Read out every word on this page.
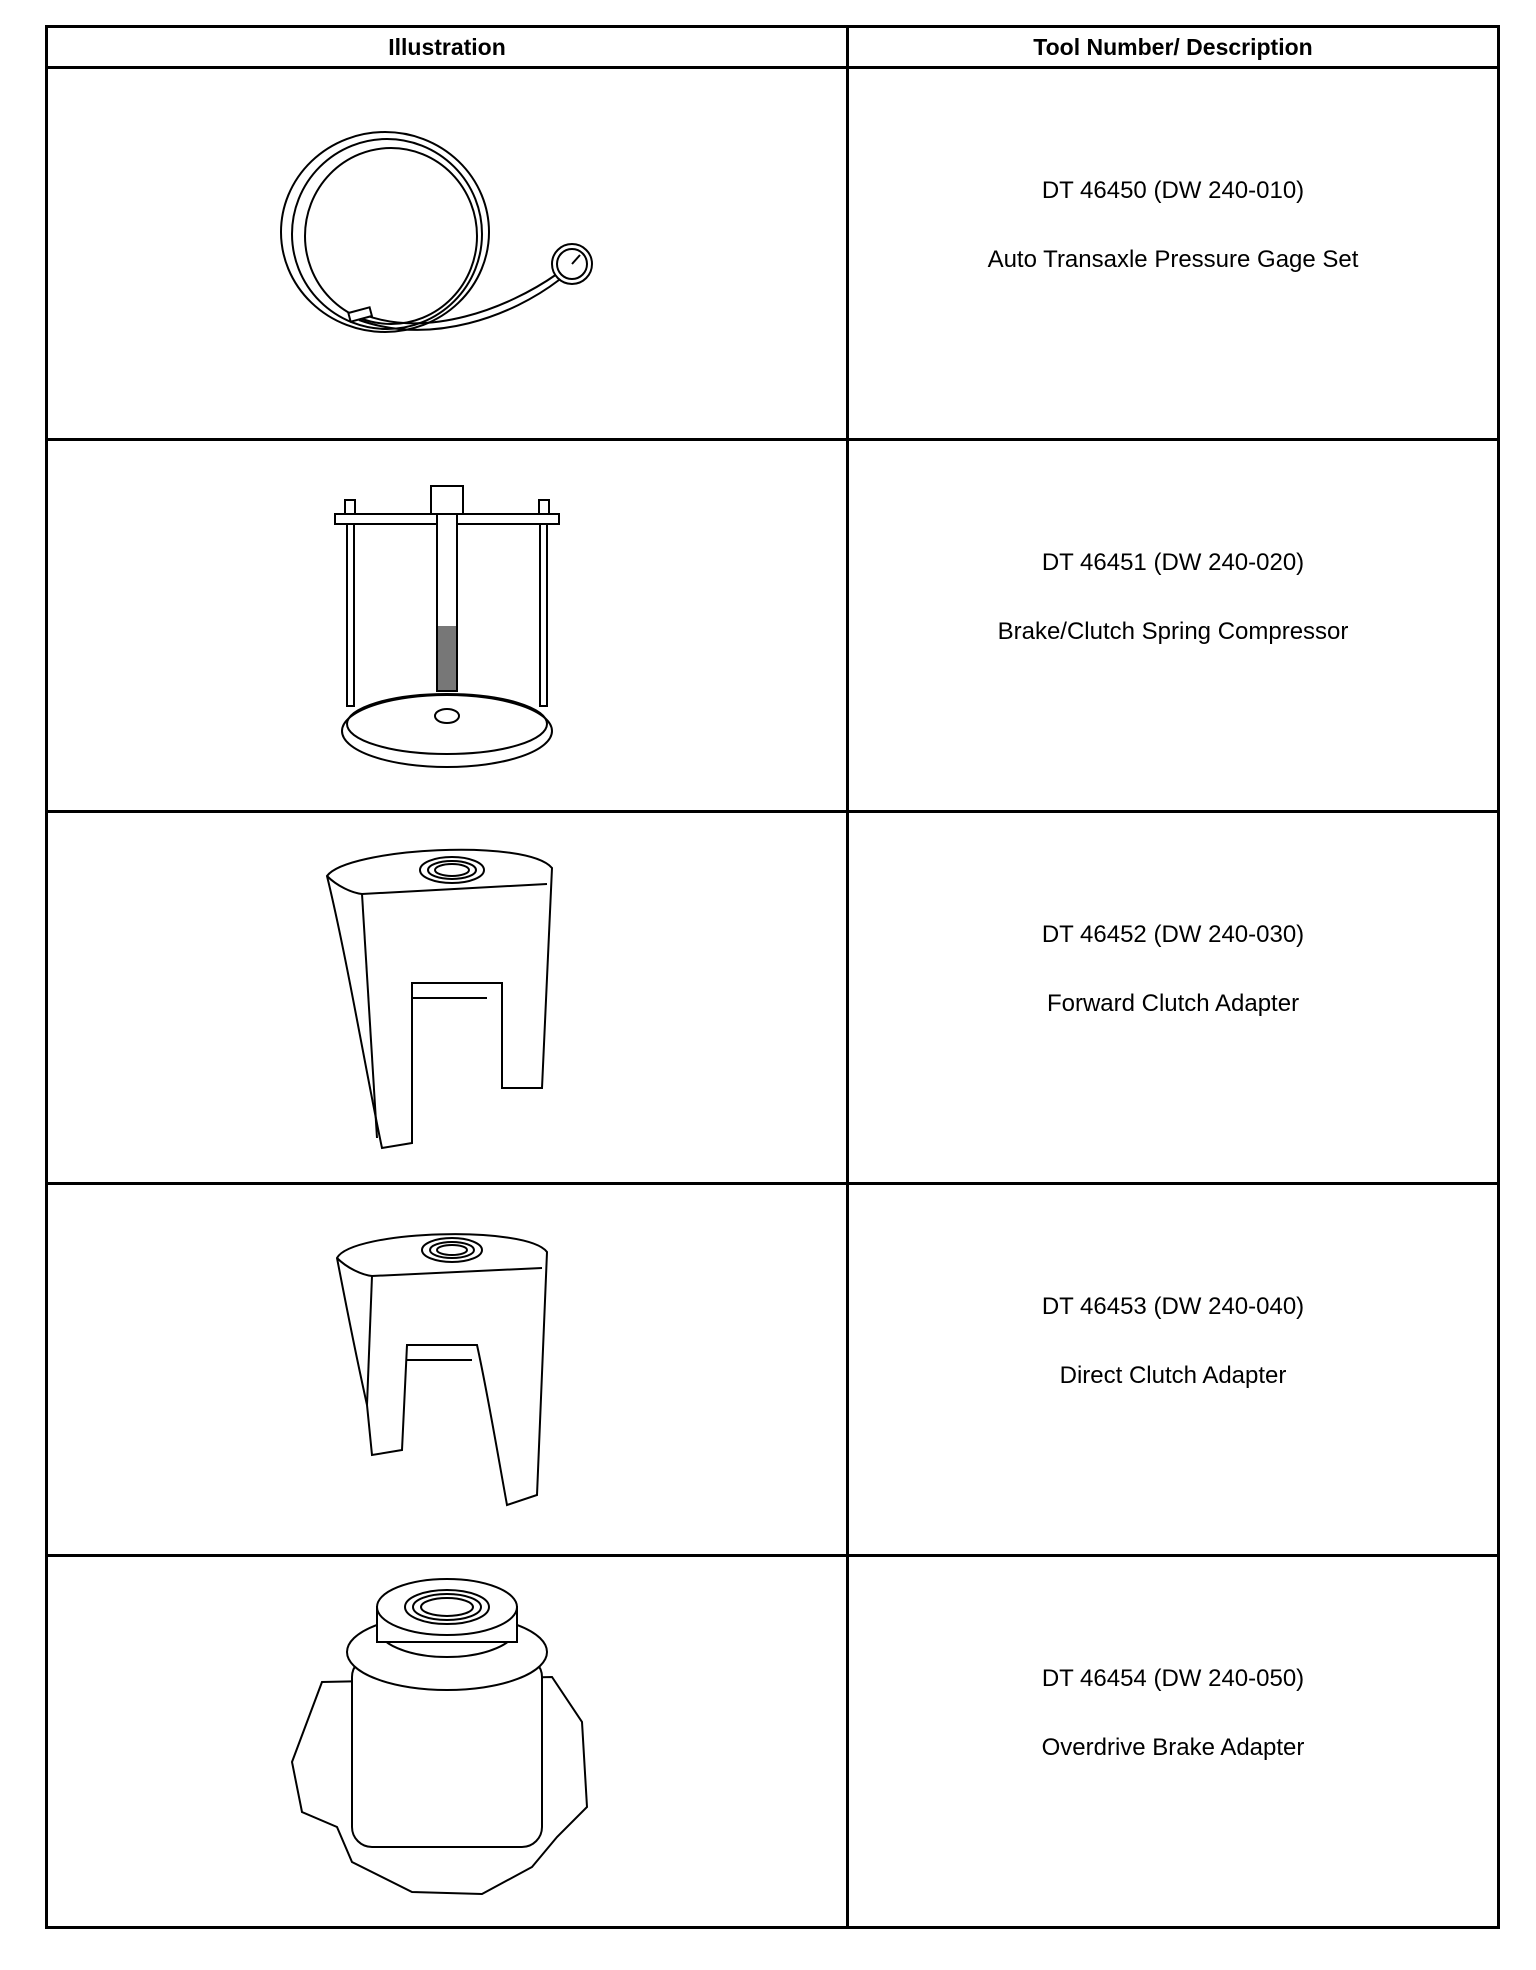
Illustration	Tool Number/ Description

DT 46450 (DW 240-010)
Auto Transaxle Pressure Gage Set

DT 46451 (DW 240-020)
Brake/Clutch Spring Compressor

DT 46452 (DW 240-030)
Forward Clutch Adapter

DT 46453 (DW 240-040)
Direct Clutch Adapter

DT 46454 (DW 240-050)
Overdrive Brake Adapter
